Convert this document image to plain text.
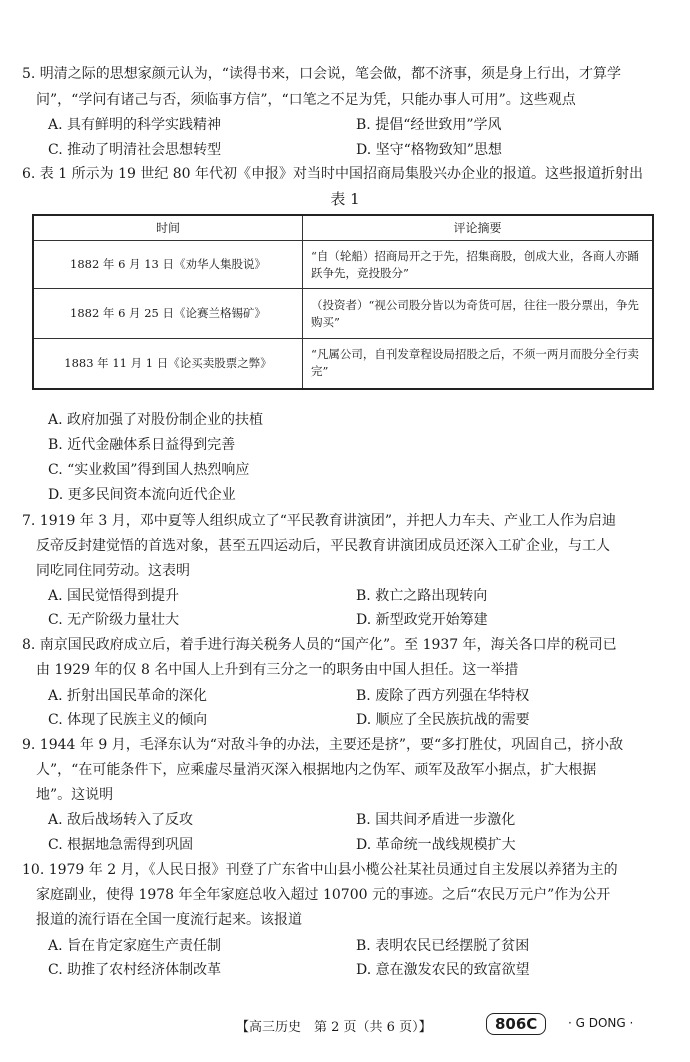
5. 明清之际的思想家颜元认为，“读得书来，口会说，笔会做，都不济事，须是身上行出，才算学
问”，“学问有诸己与否，须临事方信”，“口笔之不足为凭，只能办事人可用”。这些观点
A. 具有鲜明的科学实践精神	B. 提倡“经世致用”学风
C. 推动了明清社会思想转型	D. 坚守“格物致知”思想
6. 表 1 所示为 19 世纪 80 年代初《申报》对当时中国招商局集股兴办企业的报道。这些报道折射出
表 1
时间	评论摘要
1882 年 6 月 13 日《劝华人集股说》	“自（轮船）招商局开之于先，招集商股，创成大业，各商人亦踊跃争先，竞投股分”
1882 年 6 月 25 日《论赛兰格锡矿》	（投资者）“视公司股分皆以为奇货可居，往往一股分票出，争先购买”
1883 年 11 月 1 日《论买卖股票之弊》	“凡属公司，自刊发章程设局招股之后，不须一两月而股分全行卖完”
A. 政府加强了对股份制企业的扶植
B. 近代金融体系日益得到完善
C. “实业救国”得到国人热烈响应
D. 更多民间资本流向近代企业
7. 1919 年 3 月，邓中夏等人组织成立了“平民教育讲演团”，并把人力车夫、产业工人作为启迪
反帝反封建觉悟的首选对象，甚至五四运动后，平民教育讲演团成员还深入工矿企业，与工人
同吃同住同劳动。这表明
A. 国民觉悟得到提升	B. 救亡之路出现转向
C. 无产阶级力量壮大	D. 新型政党开始筹建
8. 南京国民政府成立后，着手进行海关税务人员的“国产化”。至 1937 年，海关各口岸的税司已
由 1929 年的仅 8 名中国人上升到有三分之一的职务由中国人担任。这一举措
A. 折射出国民革命的深化	B. 废除了西方列强在华特权
C. 体现了民族主义的倾向	D. 顺应了全民族抗战的需要
9. 1944 年 9 月，毛泽东认为“对敌斗争的办法，主要还是挤”，要“多打胜仗，巩固自己，挤小敌
人”，“在可能条件下，应乘虚尽量消灭深入根据地内之伪军、顽军及敌军小据点，扩大根据
地”。这说明
A. 敌后战场转入了反攻	B. 国共间矛盾进一步激化
C. 根据地急需得到巩固	D. 革命统一战线规模扩大
10. 1979 年 2 月，《人民日报》刊登了广东省中山县小榄公社某社员通过自主发展以养猪为主的
家庭副业，使得 1978 年全年家庭总收入超过 10700 元的事迹。之后“农民万元户”作为公开
报道的流行语在全国一度流行起来。该报道
A. 旨在肯定家庭生产责任制	B. 表明农民已经摆脱了贫困
C. 助推了农村经济体制改革	D. 意在激发农民的致富欲望
【高三历史　第 2 页（共 6 页）】	806C	· G DONG ·
